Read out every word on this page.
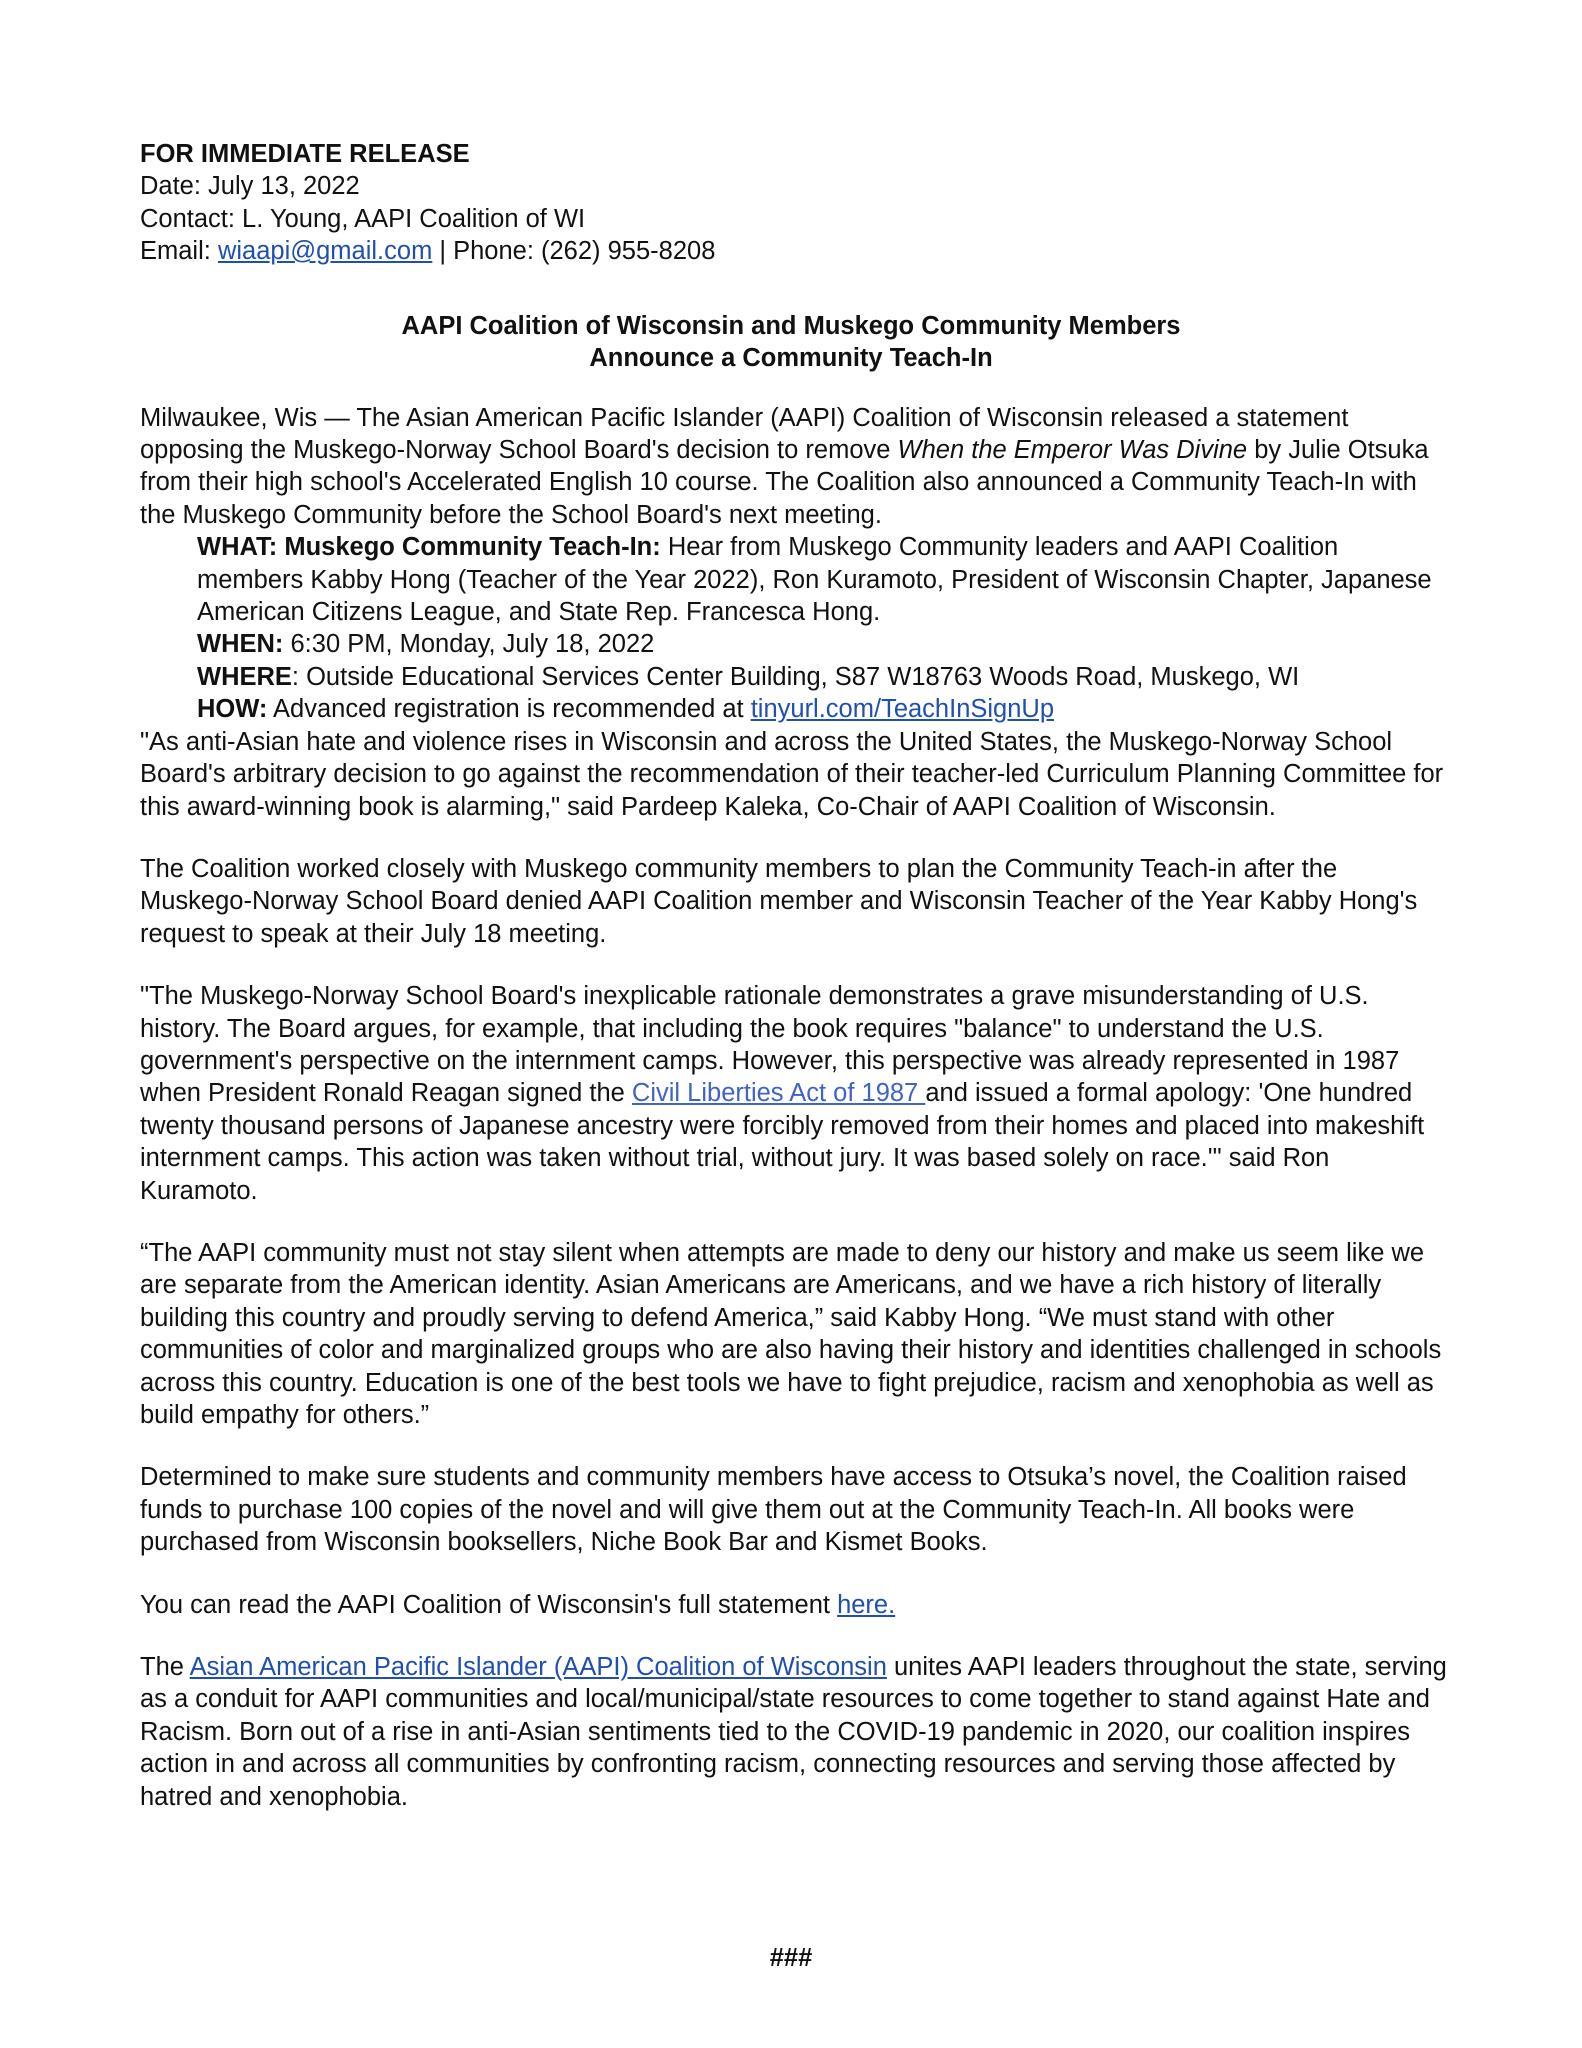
FOR IMMEDIATE RELEASE

Date: July 13, 2022

Contact: L. Young, AAPI Coalition of WI

Email: wiaapi@gmail.com | Phone: (262) 955-8208

AAPI Coalition of Wisconsin and Muskego Community Members
Announce a Community Teach-In

Milwaukee, Wis — The Asian American Pacific Islander (AAPI) Coalition of Wisconsin released a statement opposing the Muskego-Norway School Board's decision to remove When the Emperor Was Divine by Julie Otsuka from their high school's Accelerated English 10 course. The Coalition also announced a Community Teach-In with the Muskego Community before the School Board's next meeting.

WHAT: Muskego Community Teach-In: Hear from Muskego Community leaders and AAPI Coalition members Kabby Hong (Teacher of the Year 2022), Ron Kuramoto, President of Wisconsin Chapter, Japanese American Citizens League, and State Rep. Francesca Hong.

WHEN: 6:30 PM, Monday, July 18, 2022

WHERE: Outside Educational Services Center Building, S87 W18763 Woods Road, Muskego, WI

HOW: Advanced registration is recommended at tinyurl.com/TeachInSignUp

"As anti-Asian hate and violence rises in Wisconsin and across the United States, the Muskego-Norway School Board's arbitrary decision to go against the recommendation of their teacher-led Curriculum Planning Committee for this award-winning book is alarming," said Pardeep Kaleka, Co-Chair of AAPI Coalition of Wisconsin.

The Coalition worked closely with Muskego community members to plan the Community Teach-in after the Muskego-Norway School Board denied AAPI Coalition member and Wisconsin Teacher of the Year Kabby Hong's request to speak at their July 18 meeting.

"The Muskego-Norway School Board's inexplicable rationale demonstrates a grave misunderstanding of U.S. history. The Board argues, for example, that including the book requires "balance" to understand the U.S. government's perspective on the internment camps. However, this perspective was already represented in 1987 when President Ronald Reagan signed the Civil Liberties Act of 1987 and issued a formal apology: 'One hundred twenty thousand persons of Japanese ancestry were forcibly removed from their homes and placed into makeshift internment camps. This action was taken without trial, without jury. It was based solely on race.'" said Ron Kuramoto.

“The AAPI community must not stay silent when attempts are made to deny our history and make us seem like we are separate from the American identity. Asian Americans are Americans, and we have a rich history of literally building this country and proudly serving to defend America,” said Kabby Hong. “We must stand with other communities of color and marginalized groups who are also having their history and identities challenged in schools across this country. Education is one of the best tools we have to fight prejudice, racism and xenophobia as well as build empathy for others.”

Determined to make sure students and community members have access to Otsuka’s novel, the Coalition raised funds to purchase 100 copies of the novel and will give them out at the Community Teach-In. All books were purchased from Wisconsin booksellers, Niche Book Bar and Kismet Books.

You can read the AAPI Coalition of Wisconsin's full statement here.

The Asian American Pacific Islander (AAPI) Coalition of Wisconsin unites AAPI leaders throughout the state, serving as a conduit for AAPI communities and local/municipal/state resources to come together to stand against Hate and Racism. Born out of a rise in anti-Asian sentiments tied to the COVID-19 pandemic in 2020, our coalition inspires action in and across all communities by confronting racism, connecting resources and serving those affected by hatred and xenophobia.

###
